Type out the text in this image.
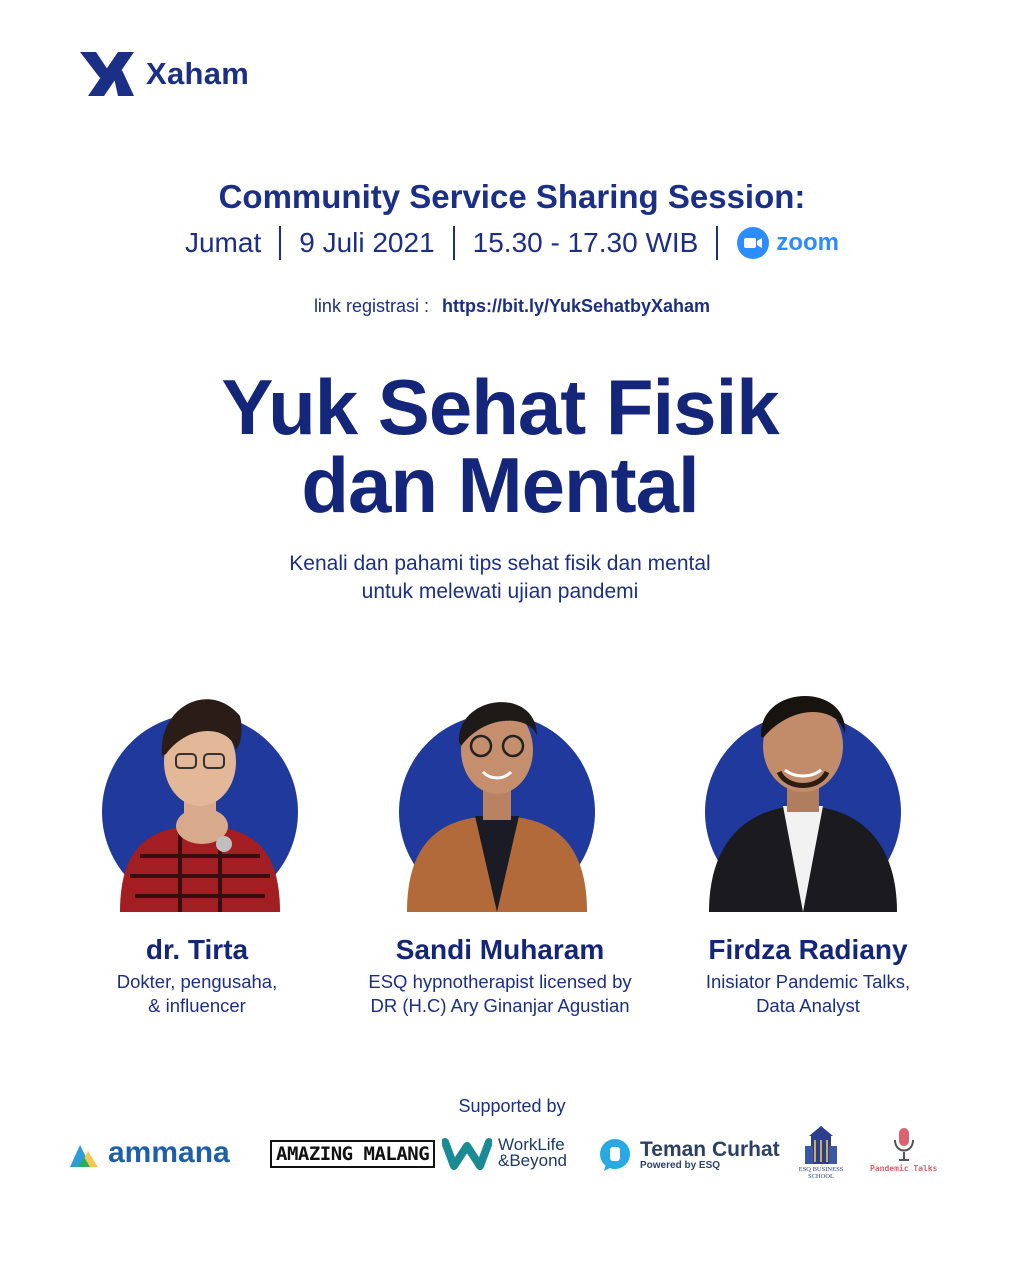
Xaham
Community Service Sharing Session:
Jumat 9 Juli 2021 15.30 - 17.30 WIB	zoom
link registrasi : https://bit.ly/YukSehatbyXaham
Yuk Sehat Fisik
dan Mental
Kenali dan pahami tips sehat fisik dan mental
untuk melewati ujian pandemi
dr. Tirta
Dokter, pengusaha,
& influencer
Sandi Muharam
ESQ hypnotherapist licensed by
DR (H.C) Ary Ginanjar Agustian
Firdza Radiany
Inisiator Pandemic Talks,
Data Analyst
Supported by
ammana AMAZING MALANG	WorkLife &Beyond	Teman Curhat
Powered by ESQ	ESQ BUSINESS SCHOOL
Pandemic Talks
